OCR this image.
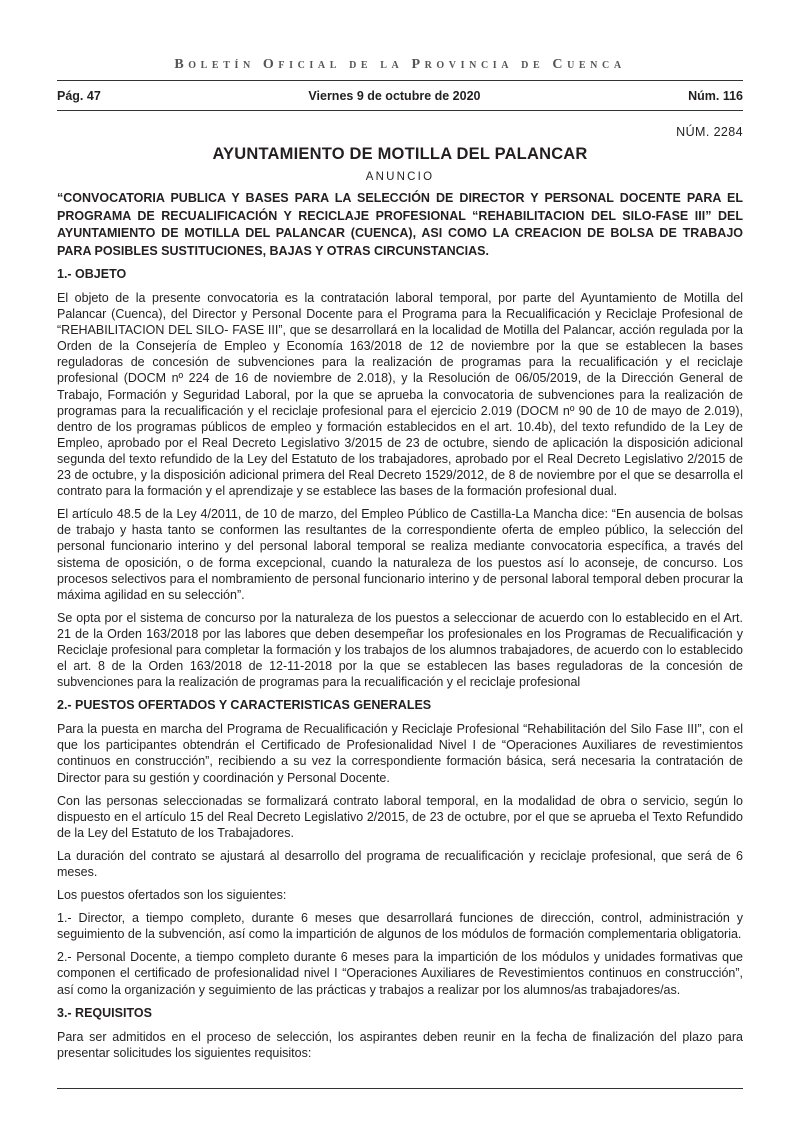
Boletín Oficial de la Provincia de Cuenca
Pág. 47	Viernes 9 de octubre de 2020	Núm. 116
NÚM. 2284
AYUNTAMIENTO DE MOTILLA DEL PALANCAR
ANUNCIO
“CONVOCATORIA PUBLICA Y BASES PARA LA SELECCIÓN DE DIRECTOR Y PERSONAL DOCENTE PARA EL PROGRAMA DE RECUALIFICACIÓN Y RECICLAJE PROFESIONAL “REHABILITACION DEL SILO-FASE III” DEL AYUNTAMIENTO DE MOTILLA DEL PALANCAR (CUENCA), ASI COMO LA CREACION DE BOLSA DE TRABAJO PARA POSIBLES SUSTITUCIONES, BAJAS Y OTRAS CIRCUNSTANCIAS.
1.- OBJETO

El objeto de la presente convocatoria es la contratación laboral temporal, por parte del Ayuntamiento de Motilla del Palancar (Cuenca), del Director y Personal Docente para el Programa para la Recualificación y Reciclaje Profesional de “REHABILITACION DEL SILO- FASE III”, que se desarrollará en la localidad de Motilla del Palancar, acción regulada por la Orden de la Consejería de Empleo y Economía 163/2018 de 12 de noviembre por la que se establecen la bases reguladoras de concesión de subvenciones para la realización de programas para la recualificación y el reciclaje profesional (DOCM nº 224 de 16 de noviembre de 2.018), y la Resolución de 06/05/2019, de la Dirección General de Trabajo, Formación y Seguridad Laboral, por la que se aprueba la convocatoria de subvenciones para la realización de programas para la recualificación y el reciclaje profesional para el ejercicio 2.019 (DOCM nº 90 de 10 de mayo de 2.019), dentro de los programas públicos de empleo y formación establecidos en el art. 10.4b), del texto refundido de la Ley de Empleo, aprobado por el Real Decreto Legislativo 3/2015 de 23 de octubre, siendo de aplicación la disposición adicional segunda del texto refundido de la Ley del Estatuto de los trabajadores, aprobado por el Real Decreto Legislativo 2/2015 de 23 de octubre, y la disposición adicional primera del Real Decreto 1529/2012, de 8 de noviembre por el que se desarrolla el contrato para la formación y el aprendizaje y se establece las bases de la formación profesional dual.

El artículo 48.5 de la Ley 4/2011, de 10 de marzo, del Empleo Público de Castilla-La Mancha dice: “En ausencia de bolsas de trabajo y hasta tanto se conformen las resultantes de la correspondiente oferta de empleo público, la selección del personal funcionario interino y del personal laboral temporal se realiza mediante convocatoria específica, a través del sistema de oposición, o de forma excepcional, cuando la naturaleza de los puestos así lo aconseje, de concurso. Los procesos selectivos para el nombramiento de personal funcionario interino y de personal laboral temporal deben procurar la máxima agilidad en su selección”.

Se opta por el sistema de concurso por la naturaleza de los puestos a seleccionar de acuerdo con lo establecido en el Art. 21 de la Orden 163/2018 por las labores que deben desempeñar los profesionales en los Programas de Recualificación y Reciclaje profesional para completar la formación y los trabajos de los alumnos trabajadores, de acuerdo con lo establecido el art. 8 de la Orden 163/2018 de 12-11-2018 por la que se establecen las bases reguladoras de la concesión de subvenciones para la realización de programas para la recualificación y el reciclaje profesional

2.- PUESTOS OFERTADOS Y CARACTERISTICAS GENERALES

Para la puesta en marcha del Programa de Recualificación y Reciclaje Profesional “Rehabilitación del Silo Fase III”, con el que los participantes obtendrán el Certificado de Profesionalidad Nivel I de “Operaciones Auxiliares de revestimientos continuos en construcción”, recibiendo a su vez la correspondiente formación básica, será necesaria la contratación de Director para su gestión y coordinación y Personal Docente.

Con las personas seleccionadas se formalizará contrato laboral temporal, en la modalidad de obra o servicio, según lo dispuesto en el artículo 15 del Real Decreto Legislativo 2/2015, de 23 de octubre, por el que se aprueba el Texto Refundido de la Ley del Estatuto de los Trabajadores.

La duración del contrato se ajustará al desarrollo del programa de recualificación y reciclaje profesional, que será de 6 meses.

Los puestos ofertados son los siguientes:

1.- Director, a tiempo completo, durante 6 meses que desarrollará funciones de dirección, control, administración y seguimiento de la subvención, así como la impartición de algunos de los módulos de formación complementaria obligatoria.

2.- Personal Docente, a tiempo completo durante 6 meses para la impartición de los módulos y unidades formativas que componen el certificado de profesionalidad nivel I “Operaciones Auxiliares de Revestimientos continuos en construcción”, así como la organización y seguimiento de las prácticas y trabajos a realizar por los alumnos/as trabajadores/as.

3.- REQUISITOS

Para ser admitidos en el proceso de selección, los aspirantes deben reunir en la fecha de finalización del plazo para presentar solicitudes los siguientes requisitos:
